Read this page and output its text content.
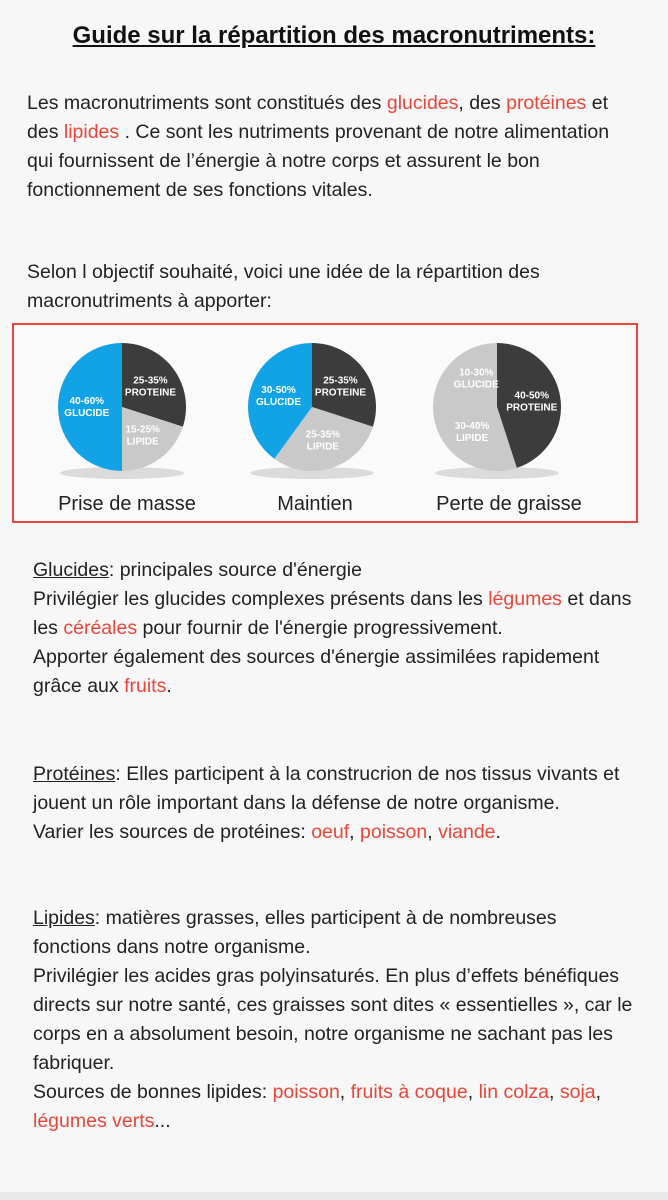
Guide sur la répartition des macronutriments:
Les macronutriments sont constitués des glucides, des protéines et des lipides . Ce sont les nutriments provenant de notre alimentation qui fournissent de l’énergie à notre corps et assurent le bon fonctionnement de ses fonctions vitales.
Selon l objectif souhaité, voici une idée de la répartition des macronutriments à apporter:
25-35%
PROTEINE
15-25%
LIPIDE
40-60%
GLUCIDE
Prise de masse
25-35%
PROTEINE
25-35%
LIPIDE
30-50%
GLUCIDE
Maintien
40-50%
PROTEINE
30-40%
LIPIDE
10-30%
GLUCIDE
Perte de graisse
Glucides: principales source d'énergie
Privilégier les glucides complexes présents dans les légumes et dans les céréales pour fournir de l'énergie progressivement.
Apporter également des sources d'énergie assimilées rapidement grâce aux fruits.
Protéines: Elles participent à la construcrion de nos tissus vivants et jouent un rôle important dans la défense de notre organisme.
Varier les sources de protéines: oeuf, poisson, viande.
Lipides: matières grasses, elles participent à de nombreuses fonctions dans notre organisme.
Privilégier les acides gras polyinsaturés. En plus d’effets bénéfiques directs sur notre santé, ces graisses sont dites « essentielles », car le corps en a absolument besoin, notre organisme ne sachant pas les fabriquer.
Sources de bonnes lipides: poisson, fruits à coque, lin colza, soja, légumes verts...
